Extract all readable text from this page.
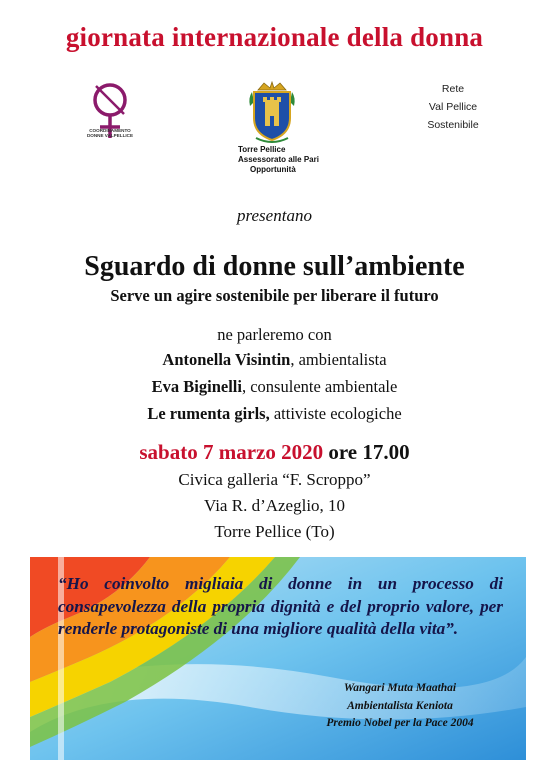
giornata internazionale della donna
COORDINAMENTO
DONNE VALPELLICE
Torre Pellice
Assessorato alle Pari
Opportunità
Rete
Val Pellice
Sostenibile
presentano
Sguardo di donne sull’ambiente
Serve un agire sostenibile per liberare il futuro
ne parleremo con
Antonella Visintin, ambientalista
Eva Biginelli, consulente ambientale
Le rumenta girls, attiviste ecologiche
sabato 7 marzo 2020 ore 17.00
Civica galleria “F. Scroppo”
Via R. d’Azeglio, 10
Torre Pellice (To)
“Ho coinvolto migliaia di donne in un processo di consapevolezza della propria dignità e del proprio valore, per renderle protagoniste di una migliore qualità della vita”.
Wangari Muta Maathai
Ambientalista Keniota
Premio Nobel per la Pace 2004
